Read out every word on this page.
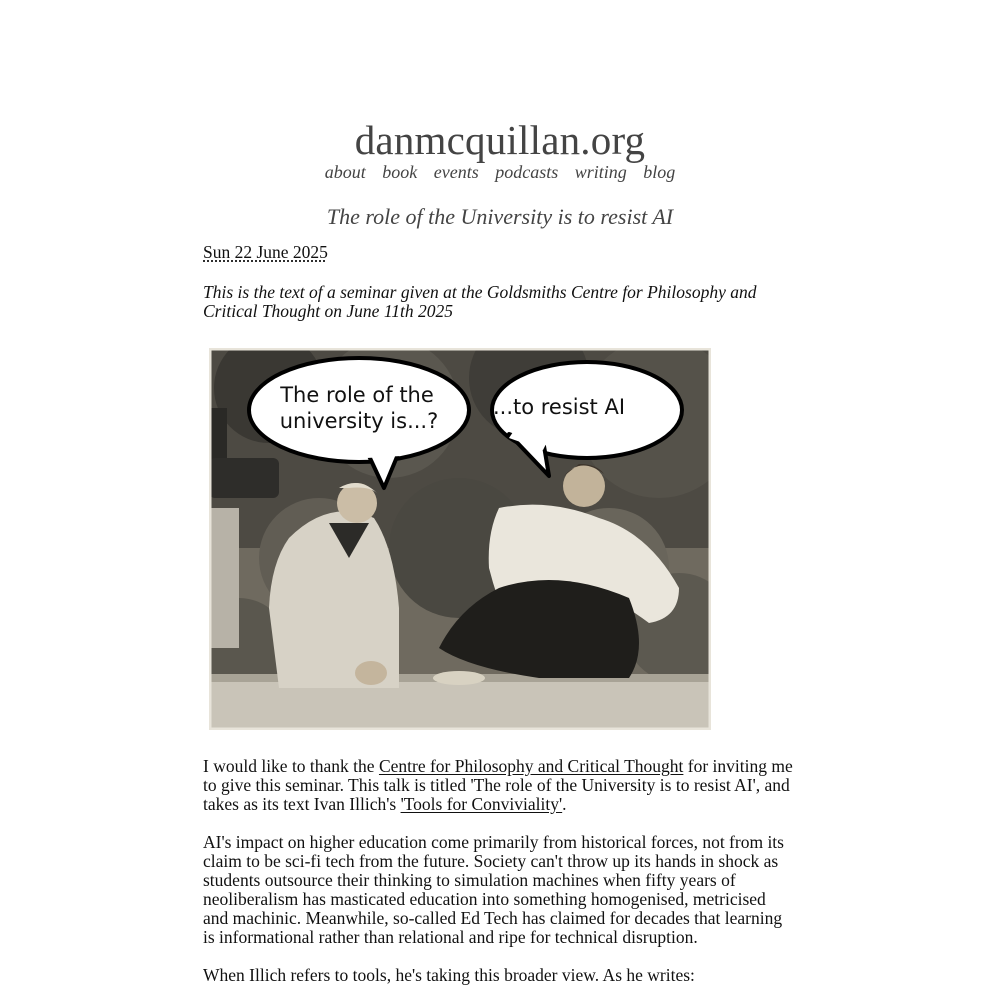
danmcquillan.org
about book events podcasts writing blog
The role of the University is to resist AI
Sun 22 June 2025
This is the text of a seminar given at the Goldsmiths Centre for Philosophy and Critical Thought on June 11th 2025
The role of the
university is...?
...to resist AI

I would like to thank the Centre for Philosophy and Critical Thought for inviting me to give this seminar. This talk is titled 'The role of the University is to resist AI', and takes as its text Ivan Illich's 'Tools for Conviviality'.

AI's impact on higher education come primarily from historical forces, not from its claim to be sci-fi tech from the future. Society can't throw up its hands in shock as students outsource their thinking to simulation machines when fifty years of neoliberalism has masticated education into something homogenised, metricised and machinic. Meanwhile, so-called Ed Tech has claimed for decades that learning is informational rather than relational and ripe for technical disruption.

When Illich refers to tools, he's taking this broader view. As he writes:
